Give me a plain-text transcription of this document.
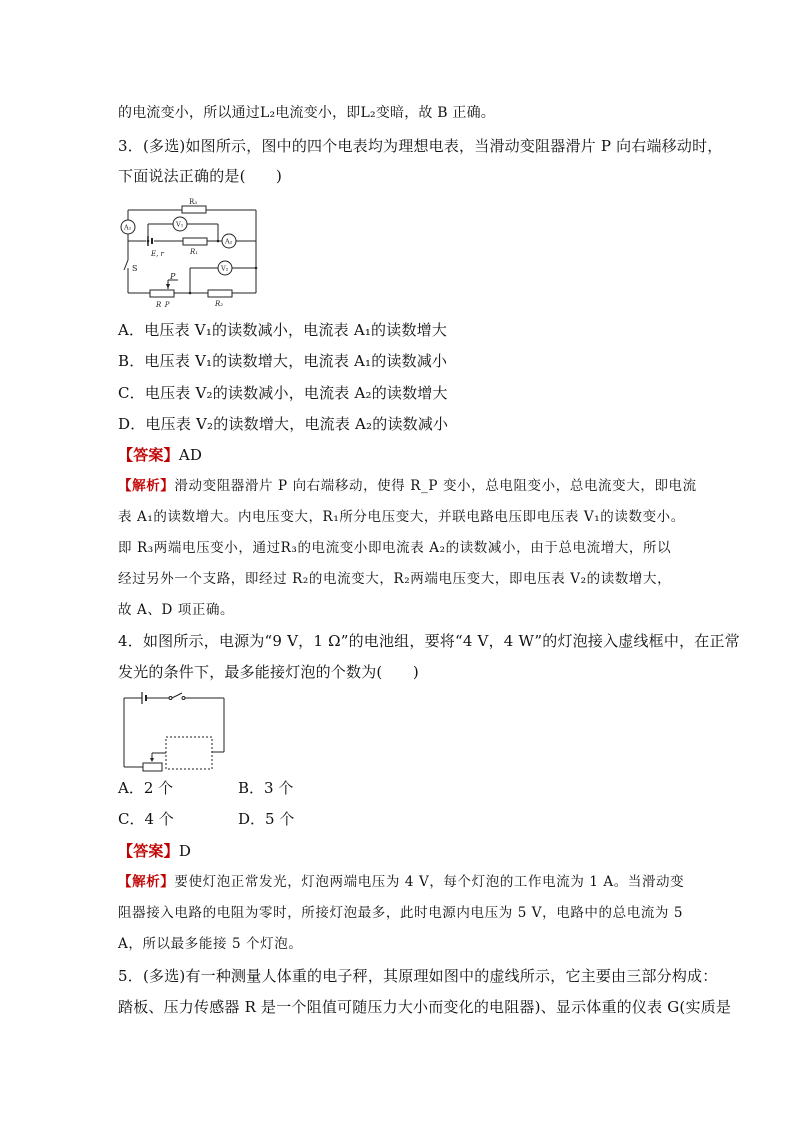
的电流变小，所以通过L₂电流变小，即L₂变暗，故 B 正确。
3．(多选)如图所示，图中的四个电表均为理想电表，当滑动变阻器滑片 P 向右端移动时，
下面说法正确的是(　　)
R₃
A₁	V₁
A₂
E, r	R₁
S	V₂
P
R_P	R₂
A．电压表 V₁的读数减小，电流表 A₁的读数增大
B．电压表 V₁的读数增大，电流表 A₁的读数减小
C．电压表 V₂的读数减小，电流表 A₂的读数增大
D．电压表 V₂的读数增大，电流表 A₂的读数减小
【答案】AD
【解析】滑动变阻器滑片 P 向右端移动，使得 R_P 变小，总电阻变小，总电流变大，即电流
表 A₁的读数增大。内电压变大，R₁所分电压变大，并联电路电压即电压表 V₁的读数变小。
即 R₃两端电压变小，通过R₃的电流变小即电流表 A₂的读数减小，由于总电流增大，所以
经过另外一个支路，即经过 R₂的电流变大，R₂两端电压变大，即电压表 V₂的读数增大，
故 A、D 项正确。
4．如图所示，电源为“9 V，1 Ω”的电池组，要将“4 V，4 W”的灯泡接入虚线框中，在正常
发光的条件下，最多能接灯泡的个数为(　　)
A．2 个	B．3 个
C．4 个	D．5 个
【答案】D
【解析】要使灯泡正常发光，灯泡两端电压为 4 V，每个灯泡的工作电流为 1 A。当滑动变
阻器接入电路的电阻为零时，所接灯泡最多，此时电源内电压为 5 V，电路中的总电流为 5
A，所以最多能接 5 个灯泡。
5．(多选)有一种测量人体重的电子秤，其原理如图中的虚线所示，它主要由三部分构成：
踏板、压力传感器 R 是一个阻值可随压力大小而变化的电阻器)、显示体重的仪表 G(实质是
